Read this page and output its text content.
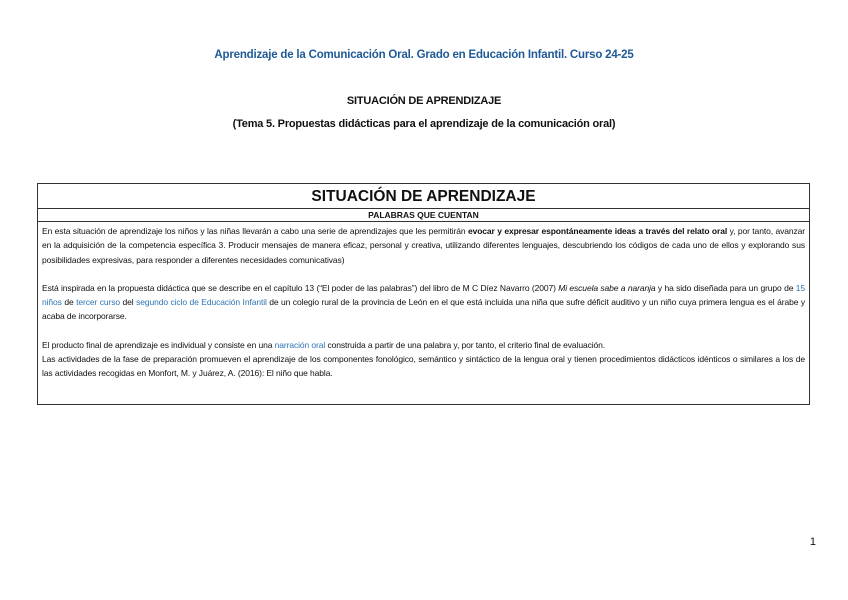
Aprendizaje de la Comunicación Oral. Grado en Educación Infantil. Curso 24-25
SITUACIÓN DE APRENDIZAJE
(Tema 5. Propuestas didácticas para el aprendizaje de la comunicación oral)
SITUACIÓN DE APRENDIZAJE
PALABRAS QUE CUENTAN

En esta situación de aprendizaje los niños y las niñas llevarán a cabo una serie de aprendizajes que les permitirán evocar y expresar espontáneamente ideas a través del relato oral y, por tanto, avanzar en la adquisición de la competencia específica 3. Producir mensajes de manera eficaz, personal y creativa, utilizando diferentes lenguajes, descubriendo los códigos de cada uno de ellos y explorando sus posibilidades expresivas, para responder a diferentes necesidades comunicativas)

Está inspirada en la propuesta didáctica que se describe en el capítulo 13 (“El poder de las palabras”) del libro de M C Díez Navarro (2007) Mi escuela sabe a naranja y ha sido diseñada para un grupo de 15 niños de tercer curso del segundo ciclo de Educación Infantil de un colegio rural de la provincia de León en el que está incluida una niña que sufre déficit auditivo y un niño cuya primera lengua es el árabe y acaba de incorporarse.

El producto final de aprendizaje es individual y consiste en una narración oral construida a partir de una palabra y, por tanto, el criterio final de evaluación.

Las actividades de la fase de preparación promueven el aprendizaje de los componentes fonológico, semántico y sintáctico de la lengua oral y tienen procedimientos didácticos idénticos o similares a los de las actividades recogidas en Monfort, M. y Juárez, A. (2016): El niño que habla.

1
